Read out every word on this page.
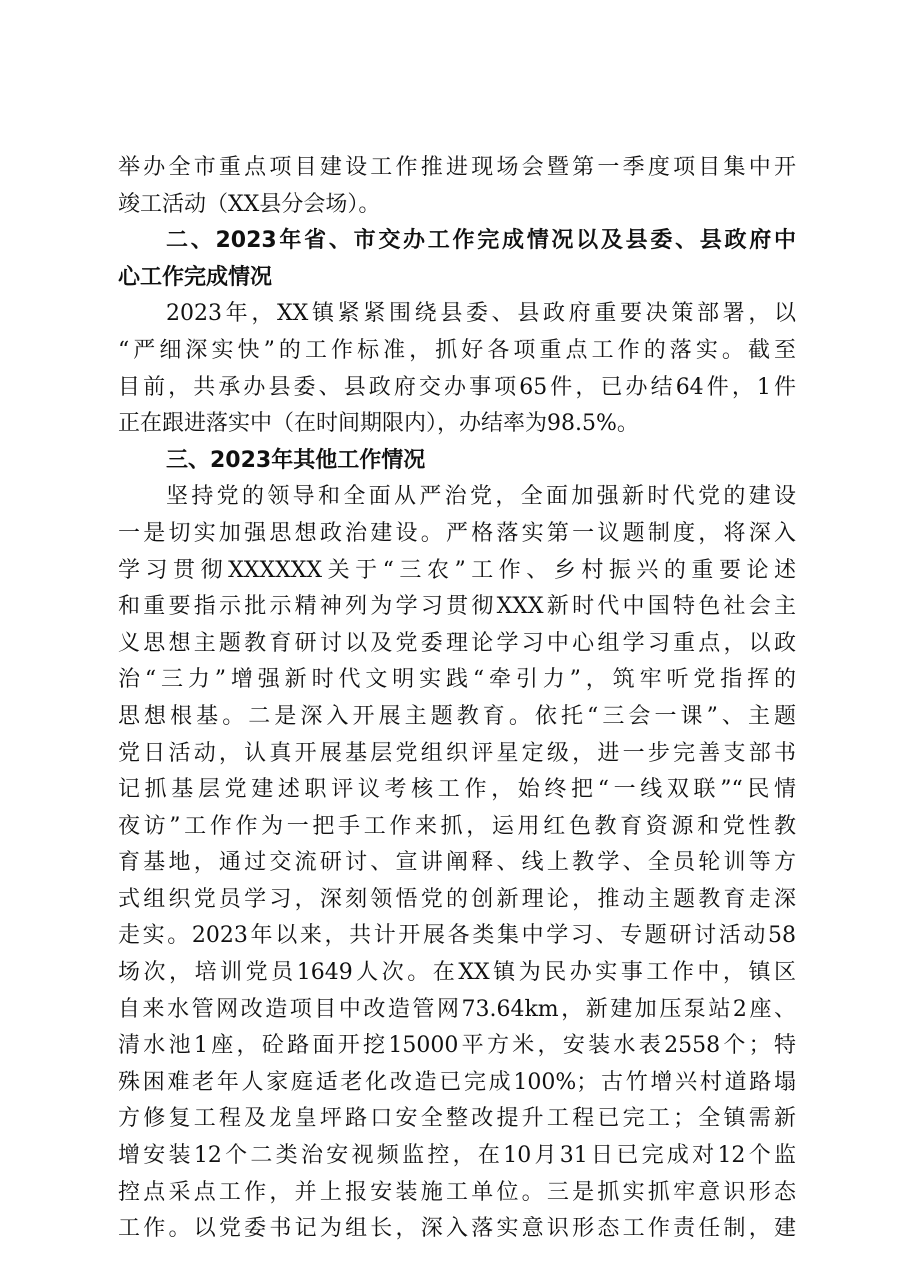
举办全市重点项目建设工作推进现场会暨第一季度项目集中开
竣工活动（XX县分会场）。
二、2023年省、市交办工作完成情况以及县委、县政府中
心工作完成情况
2023年，XX镇紧紧围绕县委、县政府重要决策部署，以
“严细深实快”的工作标准，抓好各项重点工作的落实。截至
目前，共承办县委、县政府交办事项65件，已办结64件，1件
正在跟进落实中（在时间期限内），办结率为98.5%。
三、2023年其他工作情况
坚持党的领导和全面从严治党，全面加强新时代党的建设
一是切实加强思想政治建设。严格落实第一议题制度，将深入
学习贯彻XXXXXX关于“三农”工作、乡村振兴的重要论述
和重要指示批示精神列为学习贯彻XXX新时代中国特色社会主
义思想主题教育研讨以及党委理论学习中心组学习重点，以政
治“三力”增强新时代文明实践“牵引力”，筑牢听党指挥的
思想根基。二是深入开展主题教育。依托“三会一课”、主题
党日活动，认真开展基层党组织评星定级，进一步完善支部书
记抓基层党建述职评议考核工作，始终把“一线双联”“民情
夜访”工作作为一把手工作来抓，运用红色教育资源和党性教
育基地，通过交流研讨、宣讲阐释、线上教学、全员轮训等方
式组织党员学习，深刻领悟党的创新理论，推动主题教育走深
走实。2023年以来，共计开展各类集中学习、专题研讨活动58
场次，培训党员1649人次。在XX镇为民办实事工作中，镇区
自来水管网改造项目中改造管网73.64km，新建加压泵站2座、
清水池1座，砼路面开挖15000平方米，安装水表2558个；特
殊困难老年人家庭适老化改造已完成100%；古竹增兴村道路塌
方修复工程及龙皇坪路口安全整改提升工程已完工；全镇需新
增安装12个二类治安视频监控，在10月31日已完成对12个监
控点采点工作，并上报安装施工单位。三是抓实抓牢意识形态
工作。以党委书记为组长，深入落实意识形态工作责任制，建
